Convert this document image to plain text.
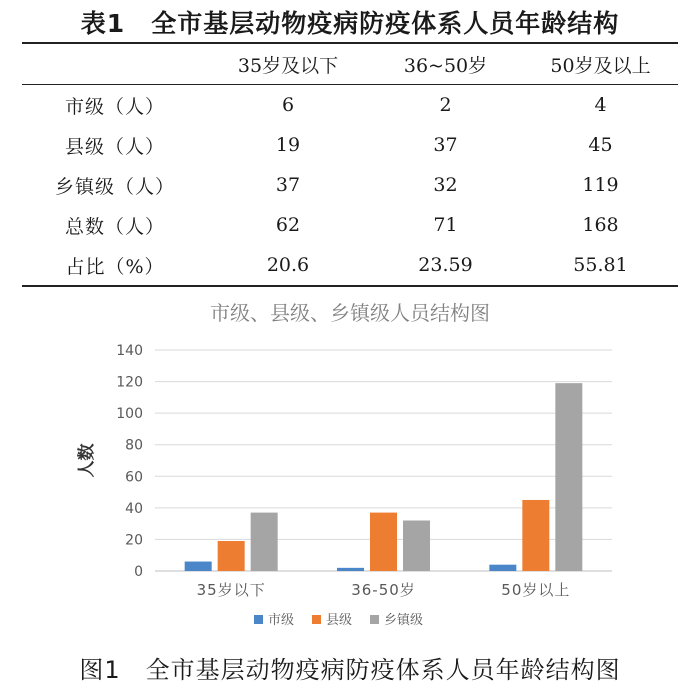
表1　全市基层动物疫病防疫体系人员年龄结构
	35岁及以下	36~50岁	50岁及以上
市级（人）	6	2	4
县级（人）	19	37	45
乡镇级（人）	37	32	119
总数（人）	62	71	168
占比（%）	20.6	23.59	55.81
市级、县级、乡镇级人员结构图
0
20
40
60
80
100
120
140
人数
35岁以下	36-50岁	50岁以上
市级 县级 乡镇级
图1　全市基层动物疫病防疫体系人员年龄结构图
